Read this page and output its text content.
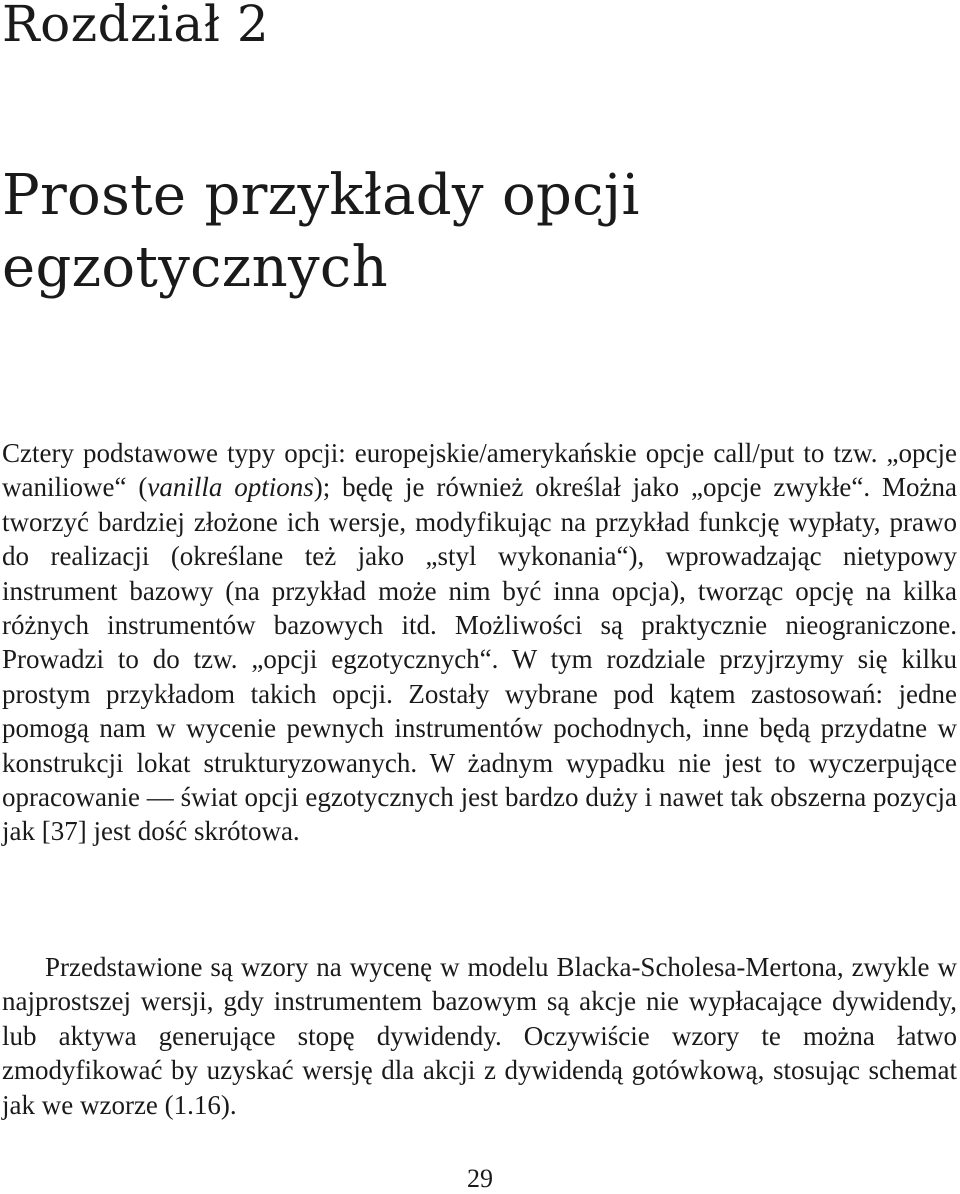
Rozdział 2
Proste przykłady opcji egzotycznych

Cztery podstawowe typy opcji: europejskie/amerykańskie opcje call/put to tzw. „opcje waniliowe“ (vanilla options); będę je również określał jako „opcje zwykłe“. Można tworzyć bardziej złożone ich wersje, modyfikując na przykład funkcję wypłaty, prawo do realizacji (określane też jako „styl wykonania“), wprowadzając nietypowy instrument bazowy (na przykład może nim być inna opcja), tworząc opcję na kilka różnych instrumentów bazowych itd. Możliwości są praktycznie nieograniczone. Prowadzi to do tzw. „opcji egzotycznych“. W tym rozdziale przyjrzymy się kilku prostym przykładom takich opcji. Zostały wybrane pod kątem zastosowań: jedne pomogą nam w wycenie pewnych instrumentów pochodnych, inne będą przydatne w konstrukcji lokat strukturyzowanych. W żadnym wypadku nie jest to wyczerpujące opracowanie — świat opcji egzotycznych jest bardzo duży i nawet tak obszerna pozycja jak [37] jest dość skrótowa.

Przedstawione są wzory na wycenę w modelu Blacka-Scholesa-Mertona, zwykle w najprostszej wersji, gdy instrumentem bazowym są akcje nie wypłacające dywidendy, lub aktywa generujące stopę dywidendy. Oczywiście wzory te można łatwo zmodyfikować by uzyskać wersję dla akcji z dywidendą gotówkową, stosując schemat jak we wzorze (1.16).

29
